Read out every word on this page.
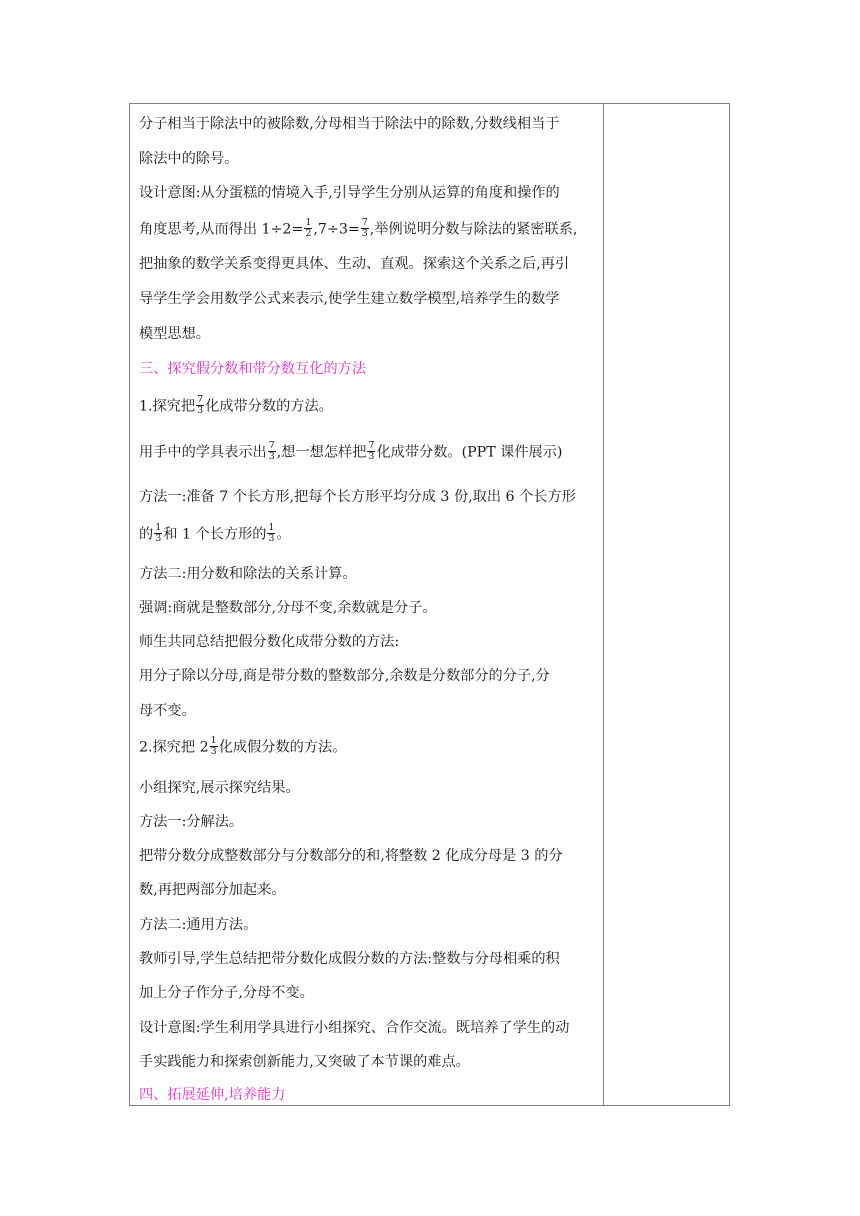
分子相当于除法中的被除数,分母相当于除法中的除数,分数线相当于
除法中的除号。
设计意图:从分蛋糕的情境入手,引导学生分别从运算的角度和操作的
角度思考,从而得出 $1\div 2= \frac{1}{2} ,7\div 3= \frac{7}{3}$ ,举例说明分数与除法的紧密联系,
把抽象的数学关系变得更具体、生动、直观。探索这个关系之后,再引
导学生学会用数学公式来表示,使学生建立数学模型,培养学生的数学
模型思想。
三、探究假分数和带分数互化的方法
1.探究把 $\frac{7}{3}$ 化成带分数的方法。
用手中的学具表示出 $\frac{7}{3}$ ,想一想怎样把 $\frac{7}{3}$ 化成带分数。(PPT 课件展示)
方法一:准备 7 个长方形,把每个长方形平均分成 3 份,取出 6 个长方形
的 $\frac{1}{3}$ 和 1 个长方形的 $\frac{1}{3}$ 。
方法二:用分数和除法的关系计算。
强调:商就是整数部分,分母不变,余数就是分子。
师生共同总结把假分数化成带分数的方法:
用分子除以分母,商是带分数的整数部分,余数是分数部分的分子,分
母不变。
2.探究把 $2 \frac{1}{3}$ 化成假分数的方法。
小组探究,展示探究结果。
方法一:分解法。
把带分数分成整数部分与分数部分的和,将整数 2 化成分母是 3 的分
数,再把两部分加起来。
方法二:通用方法。
教师引导,学生总结把带分数化成假分数的方法:整数与分母相乘的积
加上分子作分子,分母不变。
设计意图:学生利用学具进行小组探究、合作交流。既培养了学生的动
手实践能力和探索创新能力,又突破了本节课的难点。
四、拓展延伸,培养能力
